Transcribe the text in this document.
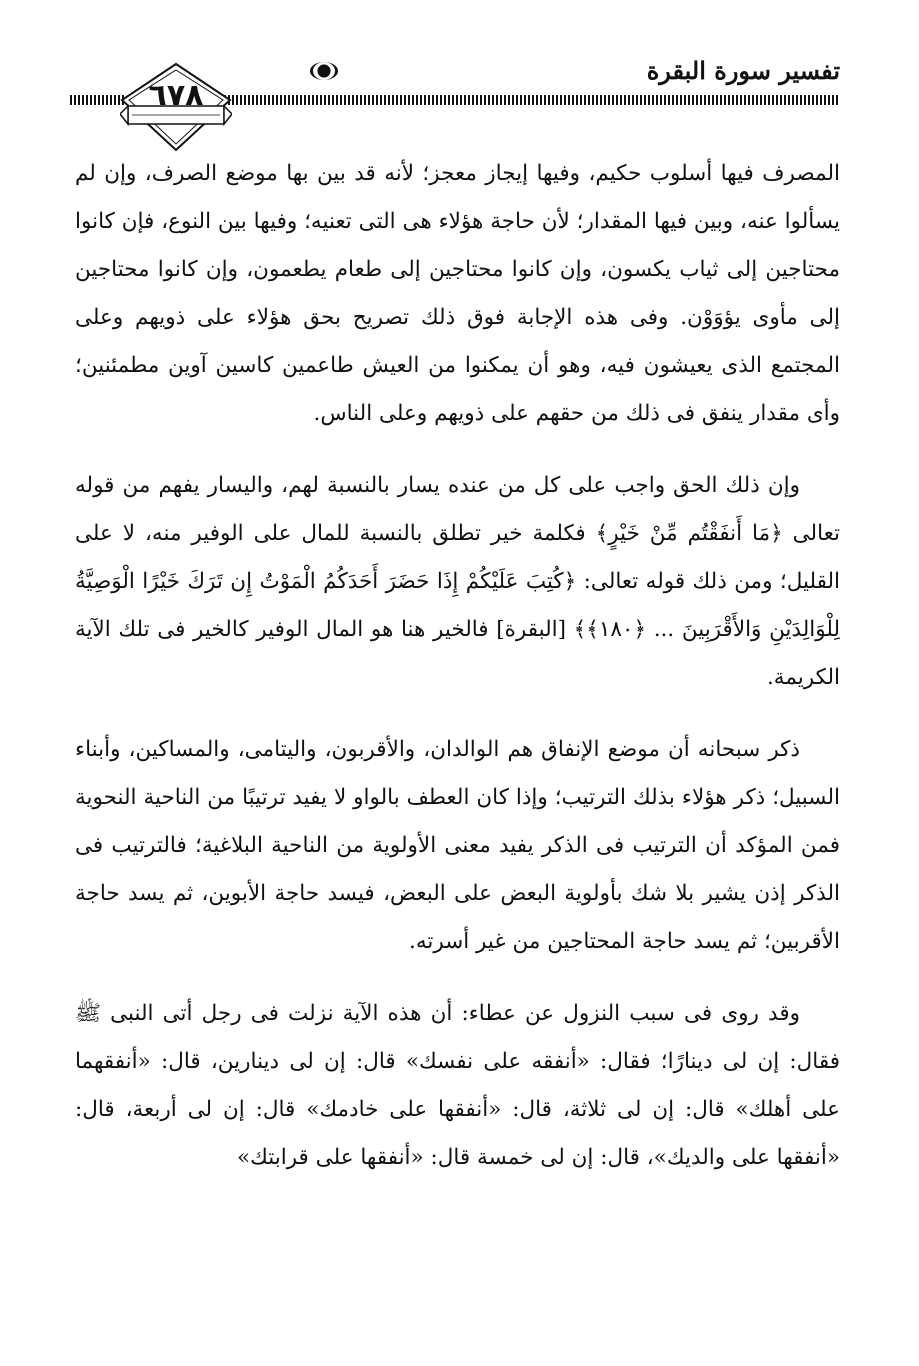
تفسير سورة البقرة
٦٧٨

المصرف فيها أسلوب حكيم، وفيها إيجاز معجز؛ لأنه قد بين بها موضع الصرف، وإن لم يسألوا عنه، وبين فيها المقدار؛ لأن حاجة هؤلاء هى التى تعنيه؛ وفيها بين النوع، فإن كانوا محتاجين إلى ثياب يكسون، وإن كانوا محتاجين إلى طعام يطعمون، وإن كانوا محتاجين إلى مأوى يؤوَوْن. وفى هذه الإجابة فوق ذلك تصريح بحق هؤلاء على ذويهم وعلى المجتمع الذى يعيشون فيه، وهو أن يمكنوا من العيش طاعمين كاسين آوين مطمئنين؛ وأى مقدار ينفق فى ذلك من حقهم على ذويهم وعلى الناس.

وإن ذلك الحق واجب على كل من عنده يسار بالنسبة لهم، واليسار يفهم من قوله تعالى ﴿مَا أَنفَقْتُم مِّنْ خَيْرٍ﴾ فكلمة خير تطلق بالنسبة للمال على الوفير منه، لا على القليل؛ ومن ذلك قوله تعالى: ﴿كُتِبَ عَلَيْكُمْ إِذَا حَضَرَ أَحَدَكُمُ الْمَوْتُ إِن تَرَكَ خَيْرًا الْوَصِيَّةُ لِلْوَالِدَيْنِ وَالأَقْرَبِينَ ... ﴿١٨٠﴾﴾ [البقرة] فالخير هنا هو المال الوفير كالخير فى تلك الآية الكريمة.

ذكر سبحانه أن موضع الإنفاق هم الوالدان، والأقربون، واليتامى، والمساكين، وأبناء السبيل؛ ذكر هؤلاء بذلك الترتيب؛ وإذا كان العطف بالواو لا يفيد ترتيبًا من الناحية النحوية فمن المؤكد أن الترتيب فى الذكر يفيد معنى الأولوية من الناحية البلاغية؛ فالترتيب فى الذكر إذن يشير بلا شك بأولوية البعض على البعض، فيسد حاجة الأبوين، ثم يسد حاجة الأقربين؛ ثم يسد حاجة المحتاجين من غير أسرته.

وقد روى فى سبب النزول عن عطاء: أن هذه الآية نزلت فى رجل أتى النبى ﷺ فقال: إن لى دينارًا؛ فقال: «أنفقه على نفسك» قال: إن لى دينارين، قال: «أنفقهما على أهلك» قال: إن لى ثلاثة، قال: «أنفقها على خادمك» قال: إن لى أربعة، قال: «أنفقها على والديك»، قال: إن لى خمسة قال: «أنفقها على قرابتك»
